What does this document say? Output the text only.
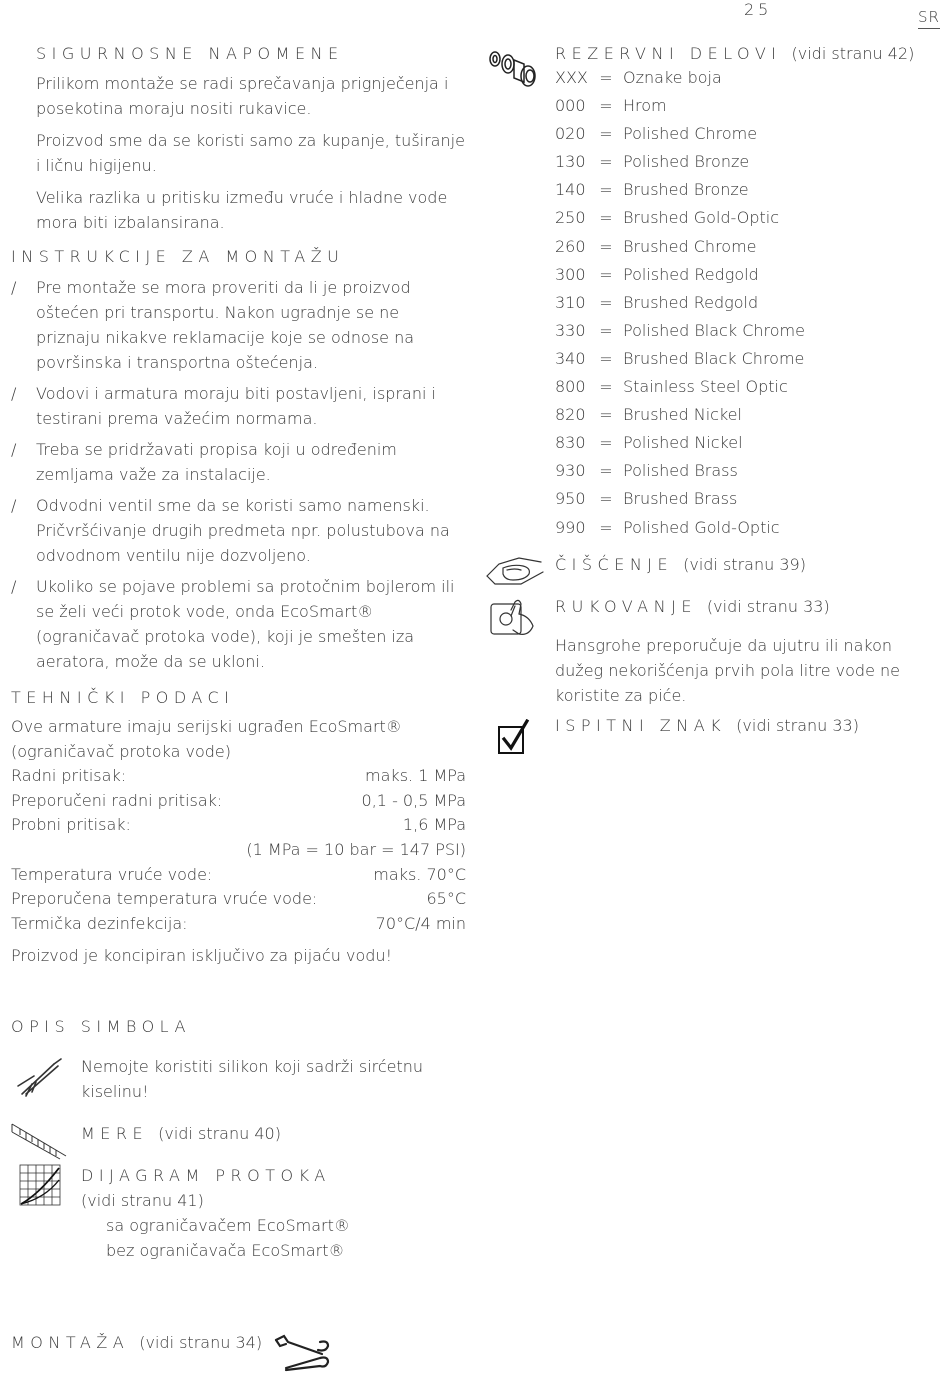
25	SR
SIGURNOSNE NAPOMENE

Prilikom montaže se radi sprečavanja prignječenja i posekotina moraju nositi rukavice.

Proizvod sme da se koristi samo za kupanje, tuširanje i ličnu higijenu.

Velika razlika u pritisku između vruće i hladne vode mora biti izbalansirana.

INSTRUKCIJE ZA MONTAŽU
/ Pre montaže se mora proveriti da li je proizvod oštećen pri transportu. Nakon ugradnje se ne priznaju nikakve reklamacije koje se odnose na površinska i transportna oštećenja.
/ Vodovi i armatura moraju biti postavljeni, isprani i testirani prema važećim normama.
/ Treba se pridržavati propisa koji u određenim zemljama važe za instalacije.
/ Odvodni ventil sme da se koristi samo namenski. Pričvršćivanje drugih predmeta npr. polustubova na odvodnom ventilu nije dozvoljeno.
/ Ukoliko se pojave problemi sa protočnim bojlerom ili se želi veći protok vode, onda EcoSmart® (ograničavač protoka vode), koji je smešten iza aeratora, može da se ukloni.
TEHNIČKI PODACI

Ove armature imaju serijski ugrađen EcoSmart® (ograničavač protoka vode)

Radni pritisak:	maks. 1 MPa
Preporučeni radni pritisak:	0,1 - 0,5 MPa
Probni pritisak:	1,6 MPa
(1 MPa = 10 bar = 147 PSI)
Temperatura vruće vode:	maks. 70°C
Preporučena temperatura vruće vode:	65°C
Termička dezinfekcija:	70°C/4 min

Proizvod je koncipiran isključivo za pijaću vodu!

OPIS SIMBOLA

Nemojte koristiti silikon koji sadrži sirćetnu kiselinu!

MERE (vidi stranu 40)
DIJAGRAM PROTOKA
(vidi stranu 41)
sa ograničavačem EcoSmart®
bez ograničavača EcoSmart®
MONTAŽA (vidi stranu 34)
REZERVNI DELOVI (vidi stranu 42)
XXX = Oznake boja
000 = Hrom
020 = Polished Chrome
130 = Polished Bronze
140 = Brushed Bronze
250 = Brushed Gold-Optic
260 = Brushed Chrome
300 = Polished Redgold
310 = Brushed Redgold
330 = Polished Black Chrome
340 = Brushed Black Chrome
800 = Stainless Steel Optic
820 = Brushed Nickel
830 = Polished Nickel
930 = Polished Brass
950 = Brushed Brass
990 = Polished Gold-Optic
ČIŠĆENJE (vidi stranu 39)
RUKOVANJE (vidi stranu 33)

Hansgrohe preporučuje da ujutru ili nakon dužeg nekorišćenja prvih pola litre vode ne koristite za piće.

ISPITNI ZNAK (vidi stranu 33)
